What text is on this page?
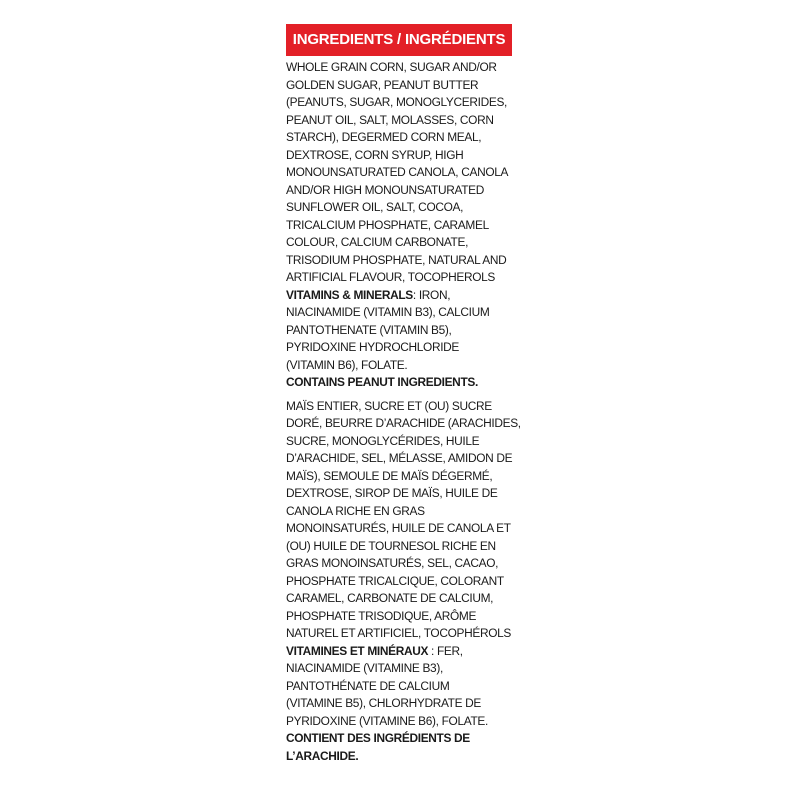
INGREDIENTS / INGRÉDIENTS
WHOLE GRAIN CORN, SUGAR AND/OR
GOLDEN SUGAR, PEANUT BUTTER
(PEANUTS, SUGAR, MONOGLYCERIDES,
PEANUT OIL, SALT, MOLASSES, CORN
STARCH), DEGERMED CORN MEAL,
DEXTROSE, CORN SYRUP, HIGH
MONOUNSATURATED CANOLA, CANOLA
AND/OR HIGH MONOUNSATURATED
SUNFLOWER OIL, SALT, COCOA,
TRICALCIUM PHOSPHATE, CARAMEL
COLOUR, CALCIUM CARBONATE,
TRISODIUM PHOSPHATE, NATURAL AND
ARTIFICIAL FLAVOUR, TOCOPHEROLS
VITAMINS & MINERALS: IRON,
NIACINAMIDE (VITAMIN B3), CALCIUM
PANTOTHENATE (VITAMIN B5),
PYRIDOXINE HYDROCHLORIDE
(VITAMIN B6), FOLATE.
CONTAINS PEANUT INGREDIENTS.
MAÏS ENTIER, SUCRE ET (OU) SUCRE
DORÉ, BEURRE D’ARACHIDE (ARACHIDES,
SUCRE, MONOGLYCÉRIDES, HUILE
D’ARACHIDE, SEL, MÉLASSE, AMIDON DE
MAÏS), SEMOULE DE MAÏS DÉGERMÉ,
DEXTROSE, SIROP DE MAÏS, HUILE DE
CANOLA RICHE EN GRAS
MONOINSATURÉS, HUILE DE CANOLA ET
(OU) HUILE DE TOURNESOL RICHE EN
GRAS MONOINSATURÉS, SEL, CACAO,
PHOSPHATE TRICALCIQUE, COLORANT
CARAMEL, CARBONATE DE CALCIUM,
PHOSPHATE TRISODIQUE, ARÔME
NATUREL ET ARTIFICIEL, TOCOPHÉROLS
VITAMINES ET MINÉRAUX : FER,
NIACINAMIDE (VITAMINE B3),
PANTOTHÉNATE DE CALCIUM
(VITAMINE B5), CHLORHYDRATE DE
PYRIDOXINE (VITAMINE B6), FOLATE.
CONTIENT DES INGRÉDIENTS DE
L’ARACHIDE.
